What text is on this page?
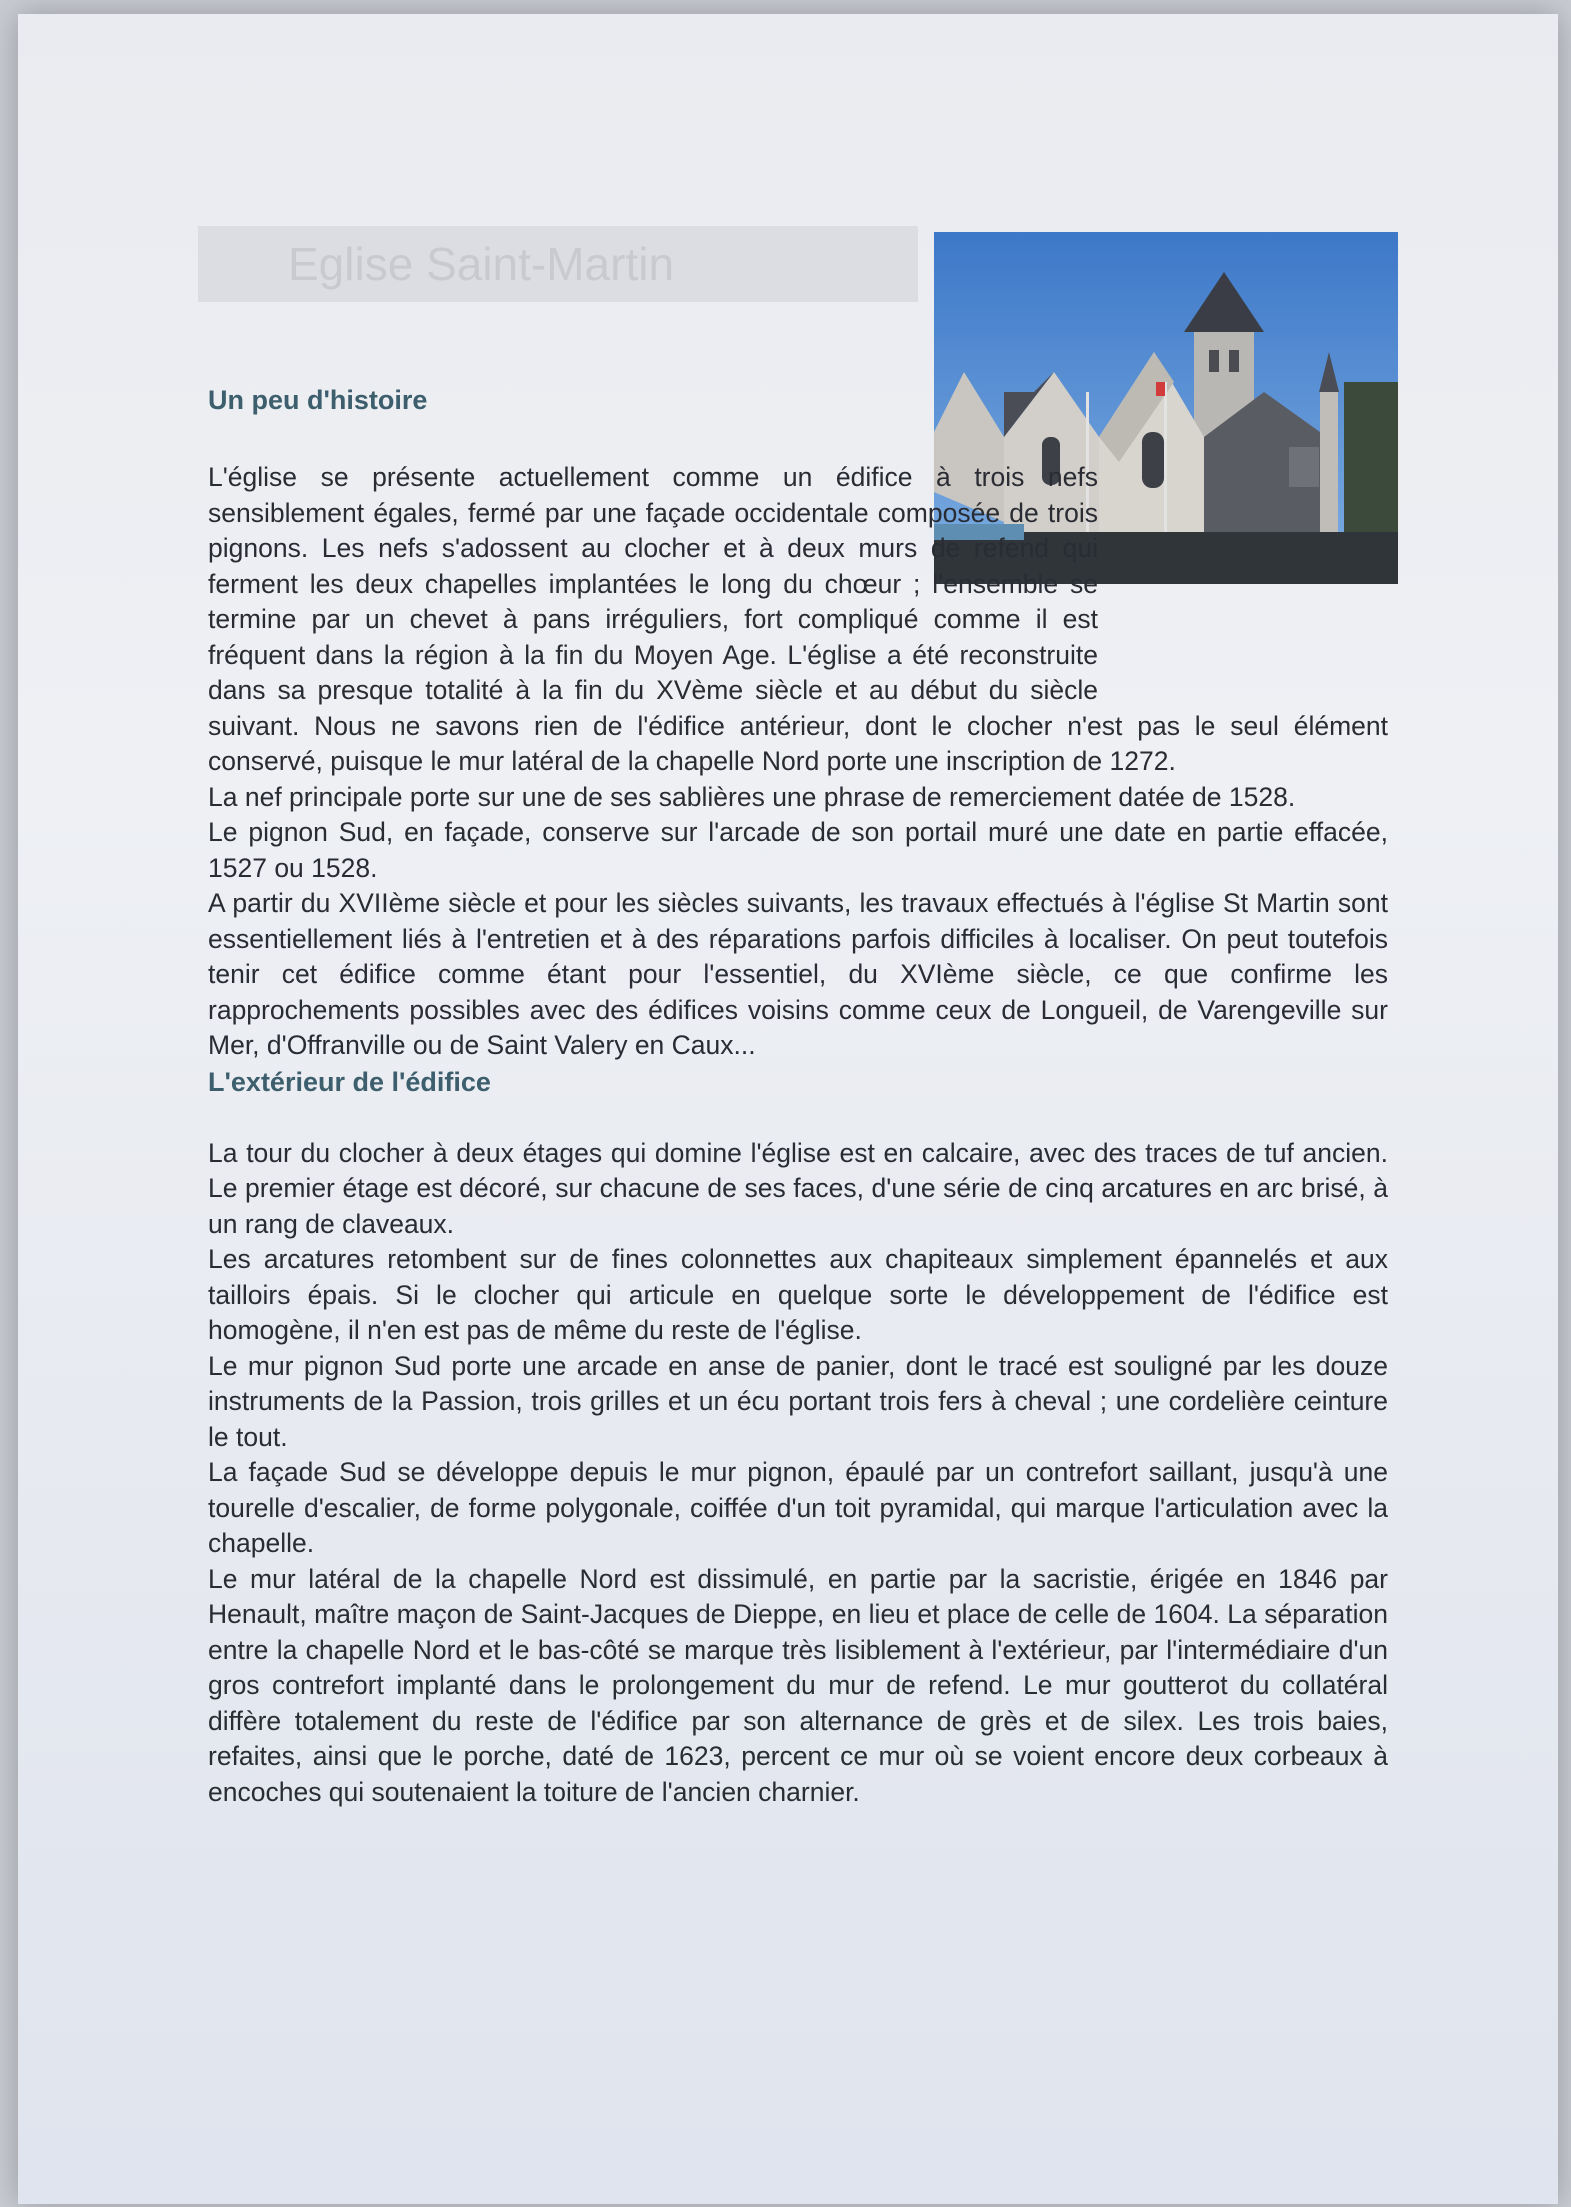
Eglise Saint-Martin
Un peu d'histoire

L'église se présente actuellement comme un édifice à trois nefs sensiblement égales, fermé par une façade occidentale composée de trois pignons. Les nefs s'adossent au clocher et à deux murs de refend qui ferment les deux chapelles implantées le long du chœur ; l'ensemble se termine par un chevet à pans irréguliers, fort compliqué comme il est fréquent dans la région à la fin du Moyen Age. L'église a été reconstruite dans sa presque totalité à la fin du XVème siècle et au début du siècle suivant. Nous ne savons rien de l'édifice antérieur, dont le clocher n'est pas le seul élément conservé, puisque le mur latéral de la chapelle Nord porte une inscription de 1272.

La nef principale porte sur une de ses sablières une phrase de remerciement datée de 1528.

Le pignon Sud, en façade, conserve sur l'arcade de son portail muré une date en partie effacée, 1527 ou 1528.

A partir du XVIIème siècle et pour les siècles suivants, les travaux effectués à l'église St Martin sont essentiellement liés à l'entretien et à des réparations parfois difficiles à localiser. On peut toutefois tenir cet édifice comme étant pour l'essentiel, du XVIème siècle, ce que confirme les rapprochements possibles avec des édifices voisins comme ceux de Longueil, de Varengeville sur Mer, d'Offranville ou de Saint Valery en Caux...

L'extérieur de l'édifice

La tour du clocher à deux étages qui domine l'église est en calcaire, avec des traces de tuf ancien. Le premier étage est décoré, sur chacune de ses faces, d'une série de cinq arcatures en arc brisé, à un rang de claveaux.

Les arcatures retombent sur de fines colonnettes aux chapiteaux simplement épannelés et aux tailloirs épais. Si le clocher qui articule en quelque sorte le développement de l'édifice est homogène, il n'en est pas de même du reste de l'église.

Le mur pignon Sud porte une arcade en anse de panier, dont le tracé est souligné par les douze instruments de la Passion, trois grilles et un écu portant trois fers à cheval ; une cordelière ceinture le tout.

La façade Sud se développe depuis le mur pignon, épaulé par un contrefort saillant, jusqu'à une tourelle d'escalier, de forme polygonale, coiffée d'un toit pyramidal, qui marque l'articulation avec la chapelle.

Le mur latéral de la chapelle Nord est dissimulé, en partie par la sacristie, érigée en 1846 par Henault, maître maçon de Saint-Jacques de Dieppe, en lieu et place de celle de 1604. La séparation entre la chapelle Nord et le bas-côté se marque très lisiblement à l'extérieur, par l'intermédiaire d'un gros contrefort implanté dans le prolongement du mur de refend. Le mur goutterot du collatéral diffère totalement du reste de l'édifice par son alternance de grès et de silex. Les trois baies, refaites, ainsi que le porche, daté de 1623, percent ce mur où se voient encore deux corbeaux à encoches qui soutenaient la toiture de l'ancien charnier.
